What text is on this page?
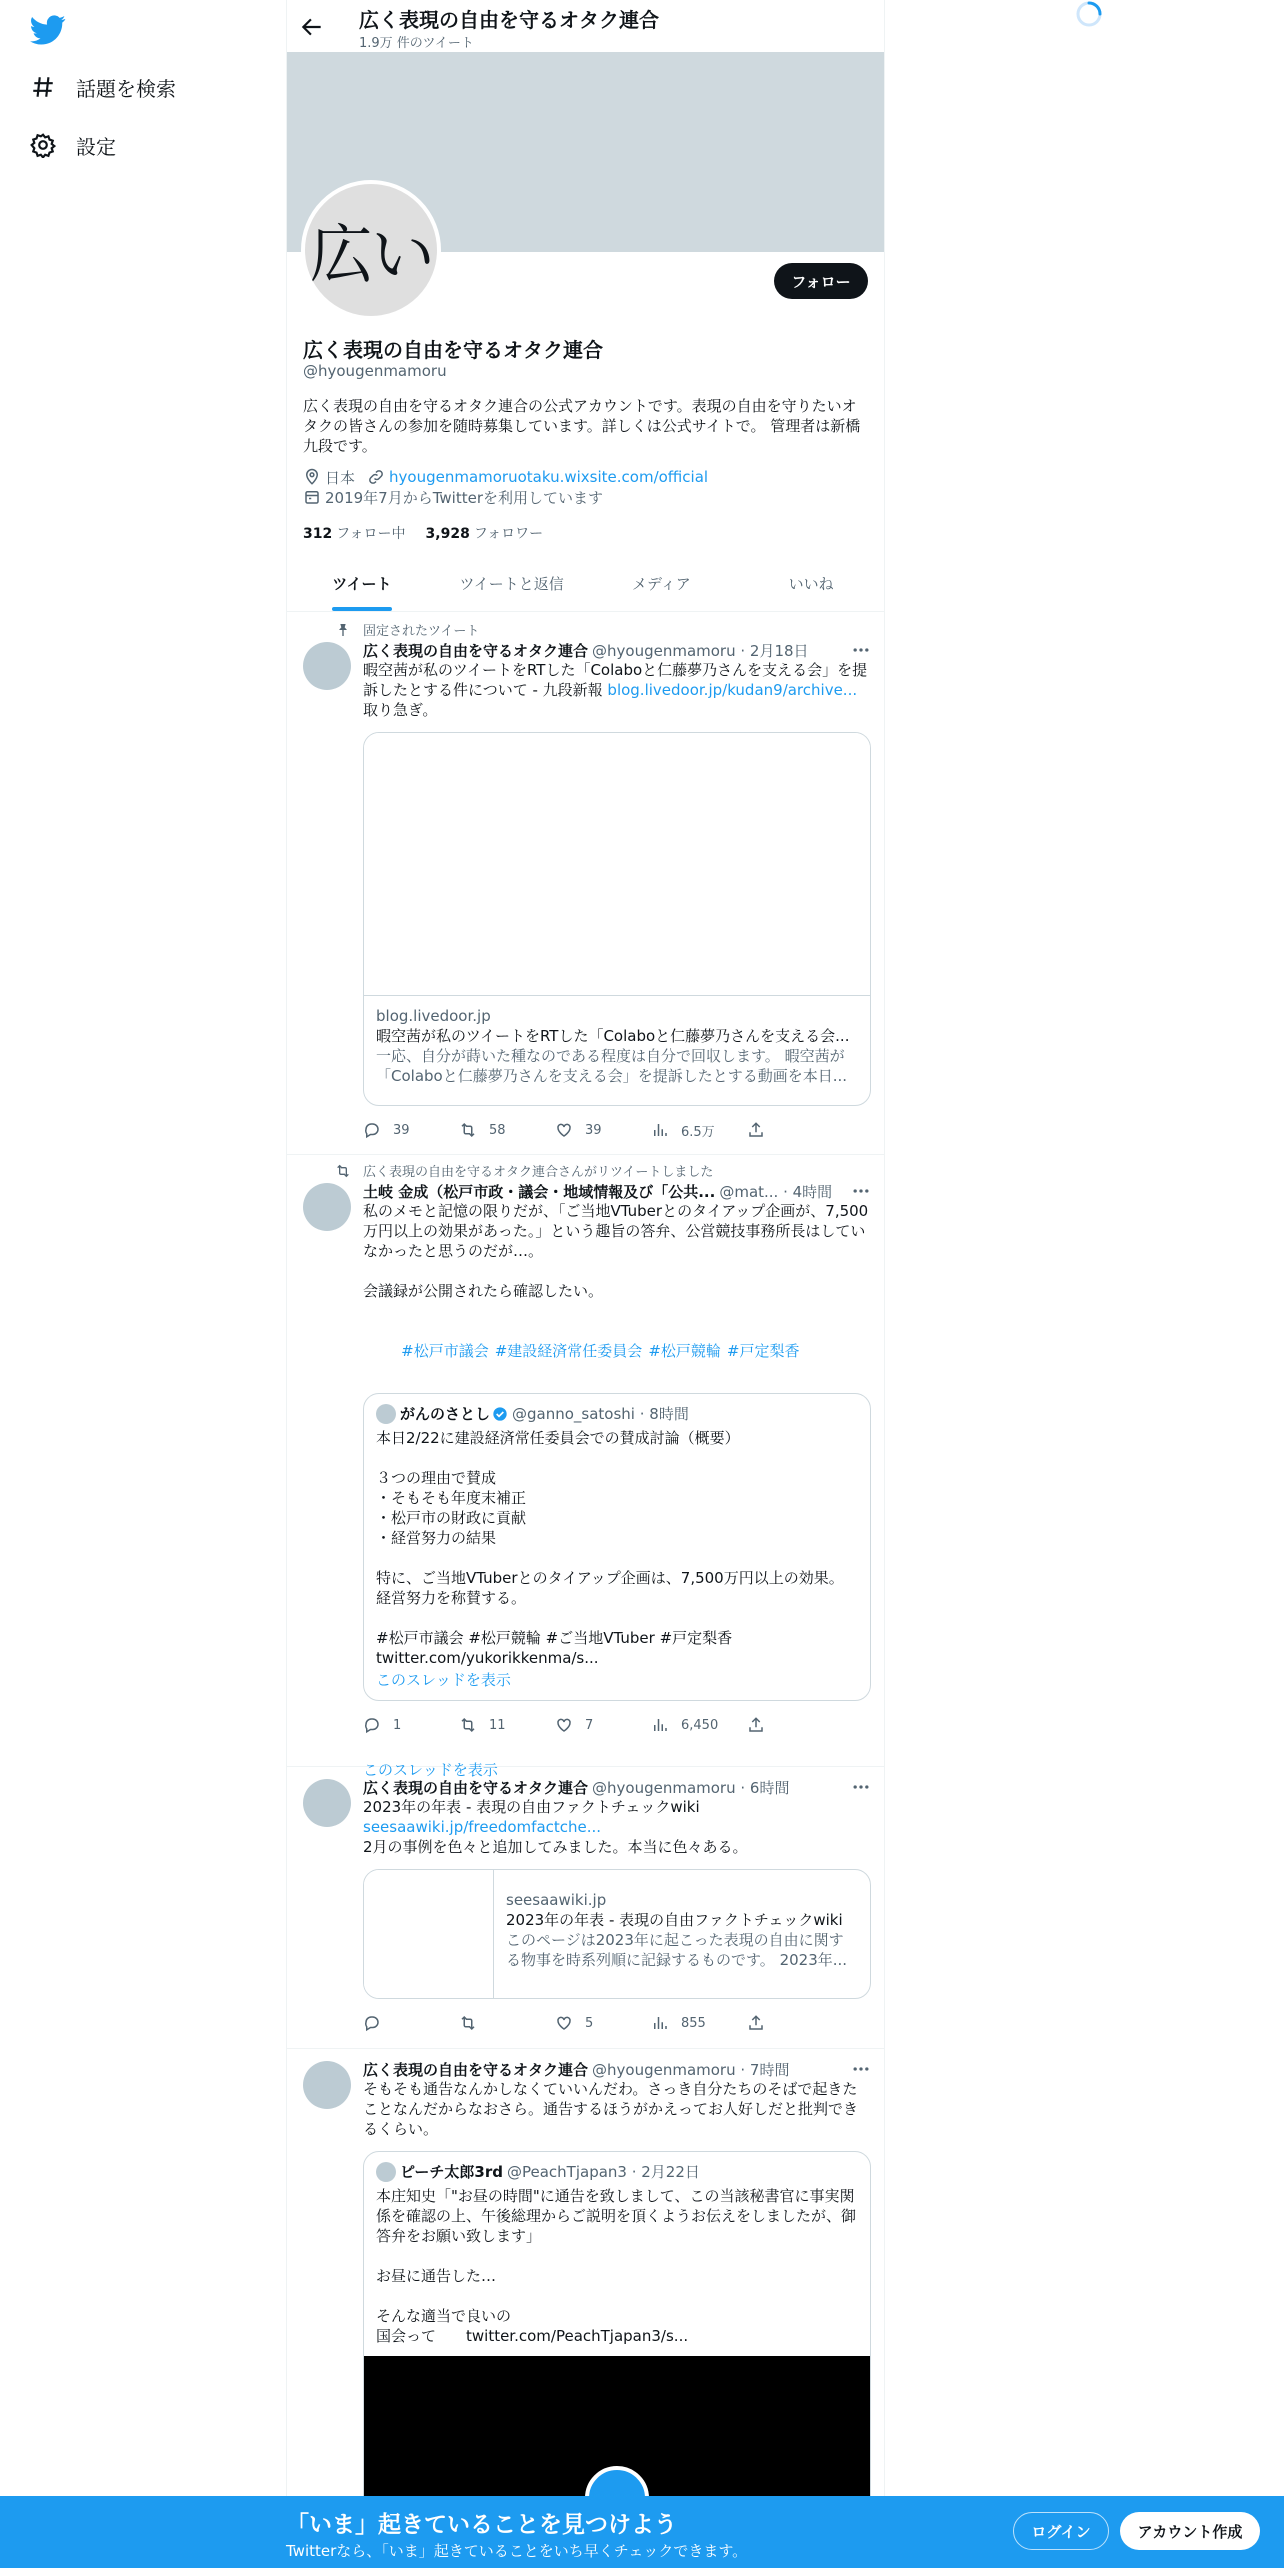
話題を検索
設定
広く表現の自由を守るオタク連合
1.9万 件のツイート
広い	フォロー
広く表現の自由を守るオタク連合
@hyougenmamoru
広く表現の自由を守るオタク連合の公式アカウントです。表現の自由を守りたいオタクの皆さんの参加を随時募集しています。詳しくは公式サイトで。 管理者は新橋九段です。
日本 hyougenmamoruotaku.wixsite.com/official
2019年7月からTwitterを利用しています
312 フォロー中 3,928 フォロワー
ツイート	ツイートと返信	メディア	いいね
固定されたツイート
広く表現の自由を守るオタク連合 @hyougenmamoru · 2月18日
暇空茜が私のツイートをRTした「Colaboと仁藤夢乃さんを支える会」を提訴したとする件について - 九段新報 blog.livedoor.jp/kudan9/archive...
取り急ぎ。
blog.livedoor.jp
暇空茜が私のツイートをRTした「Colaboと仁藤夢乃さんを支える会...
一応、自分が蒔いた種なのである程度は自分で回収します。 暇空茜が「Colaboと仁藤夢乃さんを支える会」を提訴したとする動画を本日...
39	58	39	6.5万
広く表現の自由を守るオタク連合さんがリツイートしました
土岐 金成（松戸市政・議会・地域情報及び「公共... @mat... · 4時間
私のメモと記憶の限りだが、「ご当地VTuberとのタイアップ企画が、7,500万円以上の効果があった。」という趣旨の答弁、公営競技事務所長はしていなかったと思うのだが…。

会議録が公開されたら確認したい。

#松戸市議会 #建設経済常任委員会 #松戸競輪 #戸定梨香

がんのさとし @ganno_satoshi · 8時間
本日2/22に建設経済常任委員会での賛成討論（概要）

３つの理由で賛成
・そもそも年度末補正
・松戸市の財政に貢献
・経営努力の結果

特に、ご当地VTuberとのタイアップ企画は、7,500万円以上の効果。
経営努力を称賛する。

#松戸市議会 #松戸競輪 #ご当地VTuber #戸定梨香
twitter.com/yukorikkenma/s...
このスレッドを表示
1	11	7	6,450
このスレッドを表示
広く表現の自由を守るオタク連合 @hyougenmamoru · 6時間
2023年の年表 - 表現の自由ファクトチェックwiki
seesaawiki.jp/freedomfactche...
2月の事例を色々と追加してみました。本当に色々ある。
seesaawiki.jp
2023年の年表 - 表現の自由ファクトチェックwiki
このページは2023年に起こった表現の自由に関する物事を時系列順に記録するものです。 2023年...
5	855
広く表現の自由を守るオタク連合 @hyougenmamoru · 7時間
そもそも通告なんかしなくていいんだわ。さっき自分たちのそばで起きたことなんだからなおさら。通告するほうがかえってお人好しだと批判できるくらい。
ピーチ太郎3rd @PeachTjapan3 · 2月22日
本庄知史「"お昼の時間"に通告を致しまして、この当該秘書官に事実関係を確認の上、午後総理からご説明を頂くようお伝えをしましたが、御答弁をお願い致します」

お昼に通告した…

そんな適当で良いの
国会って　　twitter.com/PeachTjapan3/s...
「いま」起きていることを見つけよう
Twitterなら、「いま」起きていることをいち早くチェックできます。
ログイン	アカウント作成
